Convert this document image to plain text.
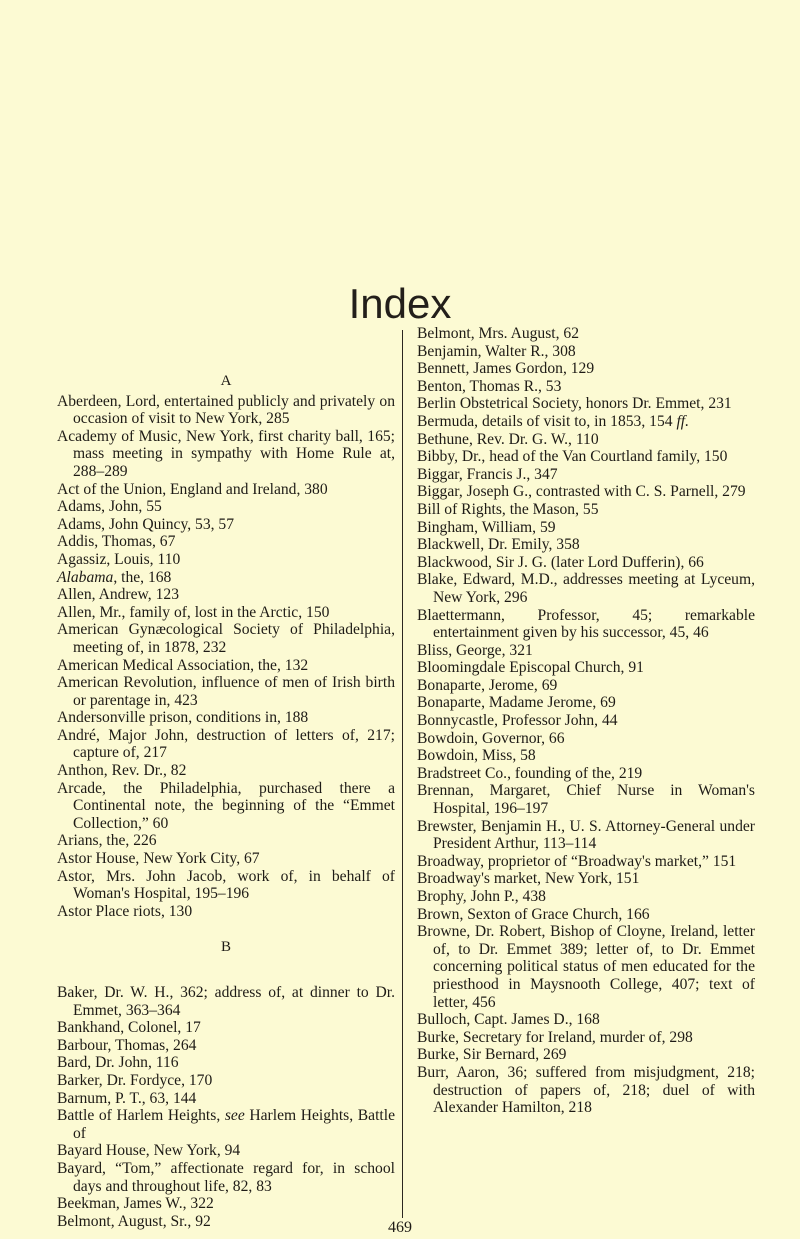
Index
A
Aberdeen, Lord, entertained publicly and privately on occasion of visit to New York, 285
Academy of Music, New York, first charity ball, 165; mass meeting in sympathy with Home Rule at, 288–289
Act of the Union, England and Ireland, 380
Adams, John, 55
Adams, John Quincy, 53, 57
Addis, Thomas, 67
Agassiz, Louis, 110
Alabama, the, 168
Allen, Andrew, 123
Allen, Mr., family of, lost in the Arctic, 150
American Gynæcological Society of Philadelphia, meeting of, in 1878, 232
American Medical Association, the, 132
American Revolution, influence of men of Irish birth or parentage in, 423
Andersonville prison, conditions in, 188
André, Major John, destruction of letters of, 217; capture of, 217
Anthon, Rev. Dr., 82
Arcade, the Philadelphia, purchased there a Continental note, the beginning of the “Emmet Collection,” 60
Arians, the, 226
Astor House, New York City, 67
Astor, Mrs. John Jacob, work of, in behalf of Woman's Hospital, 195–196
Astor Place riots, 130
B
Baker, Dr. W. H., 362; address of, at dinner to Dr. Emmet, 363–364
Bankhand, Colonel, 17
Barbour, Thomas, 264
Bard, Dr. John, 116
Barker, Dr. Fordyce, 170
Barnum, P. T., 63, 144
Battle of Harlem Heights, see Harlem Heights, Battle of
Bayard House, New York, 94
Bayard, “Tom,” affectionate regard for, in school days and throughout life, 82, 83
Beekman, James W., 322
Belmont, August, Sr., 92
Belmont, Mrs. August, 62
Benjamin, Walter R., 308
Bennett, James Gordon, 129
Benton, Thomas R., 53
Berlin Obstetrical Society, honors Dr. Emmet, 231
Bermuda, details of visit to, in 1853, 154 ff.
Bethune, Rev. Dr. G. W., 110
Bibby, Dr., head of the Van Courtland family, 150
Biggar, Francis J., 347
Biggar, Joseph G., contrasted with C. S. Parnell, 279
Bill of Rights, the Mason, 55
Bingham, William, 59
Blackwell, Dr. Emily, 358
Blackwood, Sir J. G. (later Lord Dufferin), 66
Blake, Edward, M.D., addresses meeting at Lyceum, New York, 296
Blaettermann, Professor, 45; remarkable entertainment given by his successor, 45, 46
Bliss, George, 321
Bloomingdale Episcopal Church, 91
Bonaparte, Jerome, 69
Bonaparte, Madame Jerome, 69
Bonnycastle, Professor John, 44
Bowdoin, Governor, 66
Bowdoin, Miss, 58
Bradstreet Co., founding of the, 219
Brennan, Margaret, Chief Nurse in Woman's Hospital, 196–197
Brewster, Benjamin H., U. S. Attorney-General under President Arthur, 113–114
Broadway, proprietor of “Broadway's market,” 151
Broadway's market, New York, 151
Brophy, John P., 438
Brown, Sexton of Grace Church, 166
Browne, Dr. Robert, Bishop of Cloyne, Ireland, letter of, to Dr. Emmet 389; letter of, to Dr. Emmet concerning political status of men educated for the priesthood in Maysnooth College, 407; text of letter, 456
Bulloch, Capt. James D., 168
Burke, Secretary for Ireland, murder of, 298
Burke, Sir Bernard, 269
Burr, Aaron, 36; suffered from misjudgment, 218; destruction of papers of, 218; duel of with Alexander Hamilton, 218
469
